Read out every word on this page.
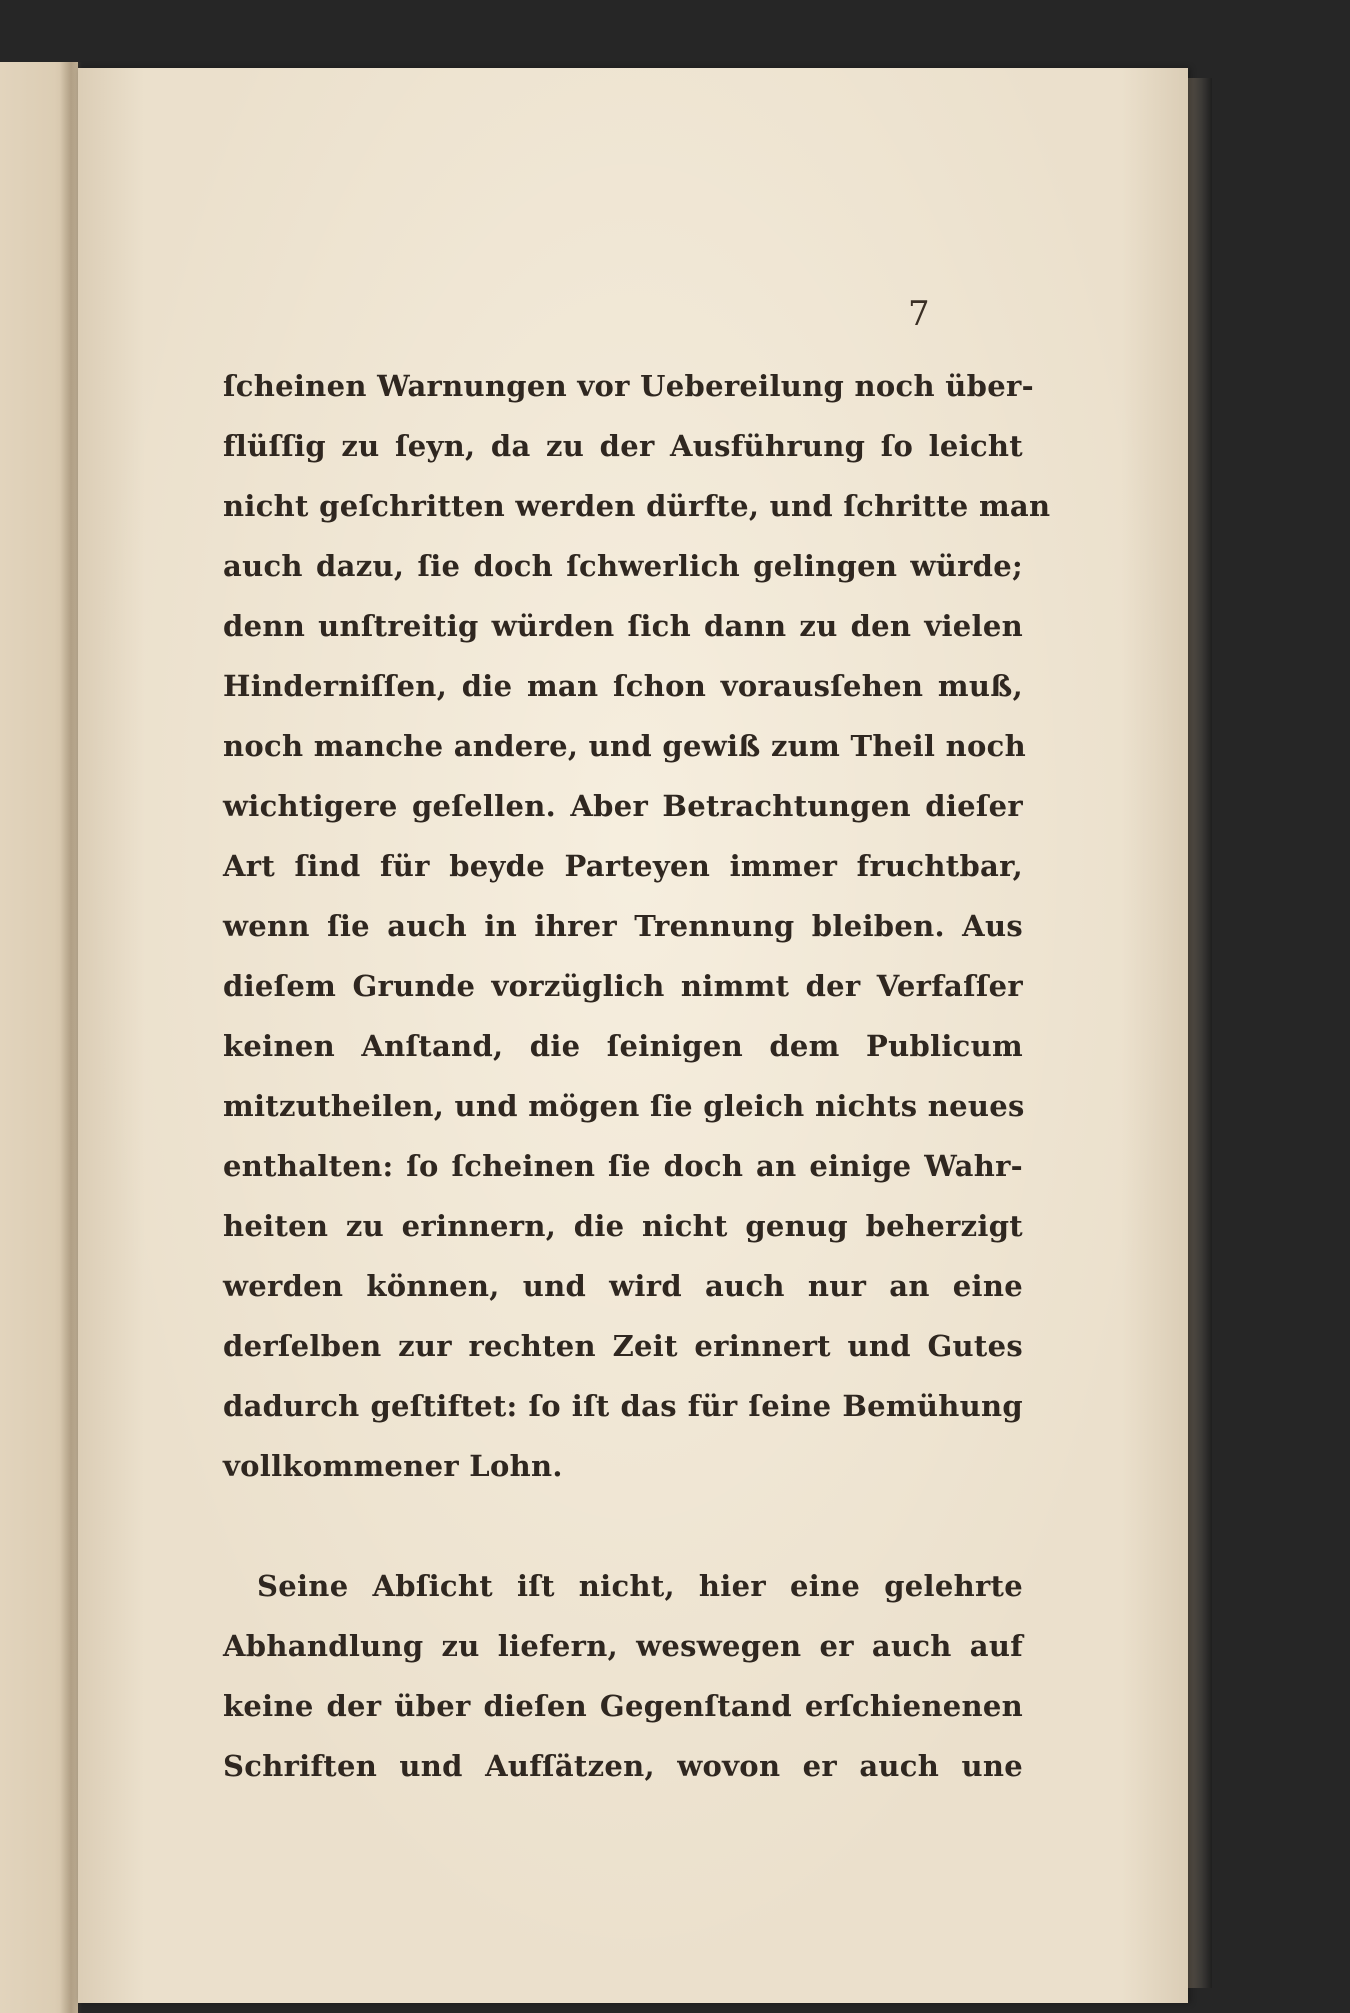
7
ſcheinen Warnungen vor Uebereilung noch über-
flüſſig zu ſeyn, da zu der Ausführung ſo leicht
nicht geſchritten werden dürfte, und ſchritte man
auch dazu, ſie doch ſchwerlich gelingen würde;
denn unſtreitig würden ſich dann zu den vielen
Hinderniſſen, die man ſchon vorausſehen muß,
noch manche andere, und gewiß zum Theil noch
wichtigere geſellen. Aber Betrachtungen dieſer
Art ſind für beyde Parteyen immer fruchtbar,
wenn ſie auch in ihrer Trennung bleiben. Aus
dieſem Grunde vorzüglich nimmt der Verfaſſer
keinen Anſtand, die ſeinigen dem Publicum
mitzutheilen, und mögen ſie gleich nichts neues
enthalten: ſo ſcheinen ſie doch an einige Wahr-
heiten zu erinnern, die nicht genug beherzigt
werden können, und wird auch nur an eine
derſelben zur rechten Zeit erinnert und Gutes
dadurch geſtiftet: ſo iſt das für ſeine Bemühung
vollkommener Lohn.
Seine Abſicht iſt nicht, hier eine gelehrte
Abhandlung zu liefern, weswegen er auch auf
keine der über dieſen Gegenſtand erſchienenen
Schriften und Aufſätzen, wovon er auch une
